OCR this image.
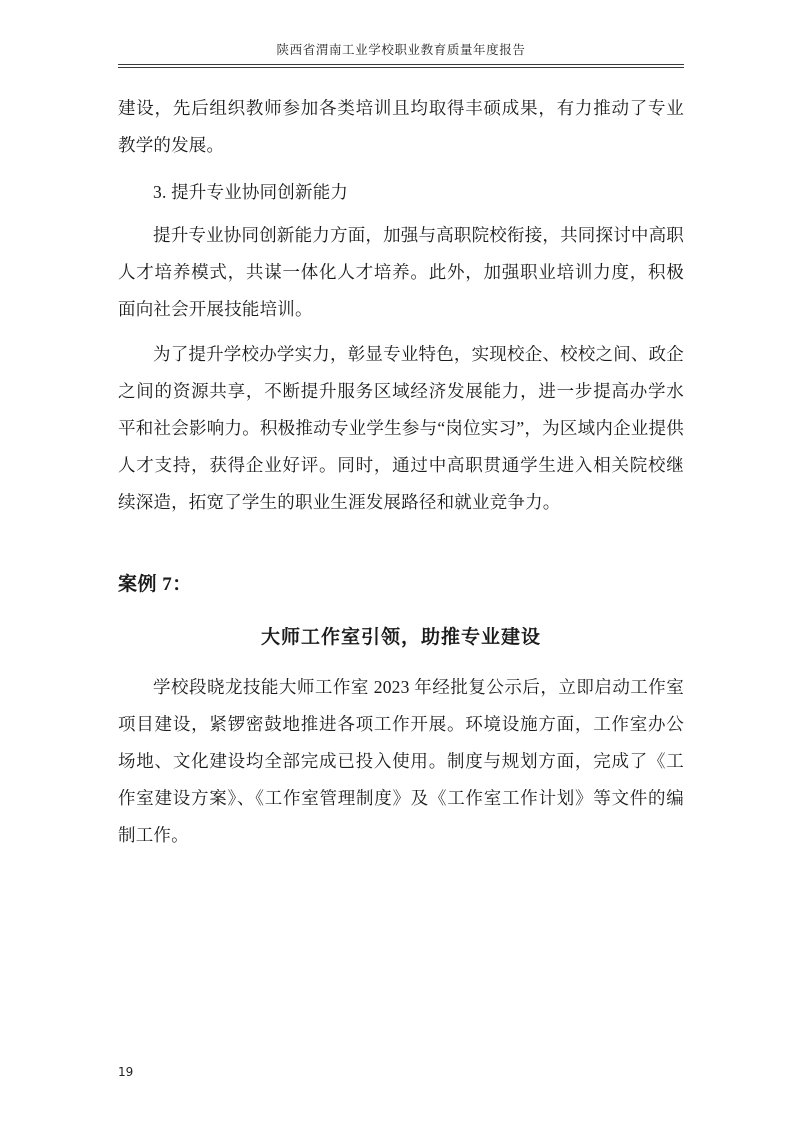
陕西省渭南工业学校职业教育质量年度报告

建设，先后组织教师参加各类培训且均取得丰硕成果，有力推动了专业教学的发展。

3. 提升专业协同创新能力

提升专业协同创新能力方面，加强与高职院校衔接，共同探讨中高职人才培养模式，共谋一体化人才培养。此外，加强职业培训力度，积极面向社会开展技能培训。

为了提升学校办学实力，彰显专业特色，实现校企、校校之间、政企之间的资源共享，不断提升服务区域经济发展能力，进一步提高办学水平和社会影响力。积极推动专业学生参与“岗位实习”，为区域内企业提供人才支持，获得企业好评。同时，通过中高职贯通学生进入相关院校继续深造，拓宽了学生的职业生涯发展路径和就业竞争力。

案例 7：
大师工作室引领，助推专业建设

学校段晓龙技能大师工作室 2023 年经批复公示后，立即启动工作室项目建设，紧锣密鼓地推进各项工作开展。环境设施方面，工作室办公场地、文化建设均全部完成已投入使用。制度与规划方面，完成了《工作室建设方案》、《工作室管理制度》及《工作室工作计划》等文件的编制工作。

19
